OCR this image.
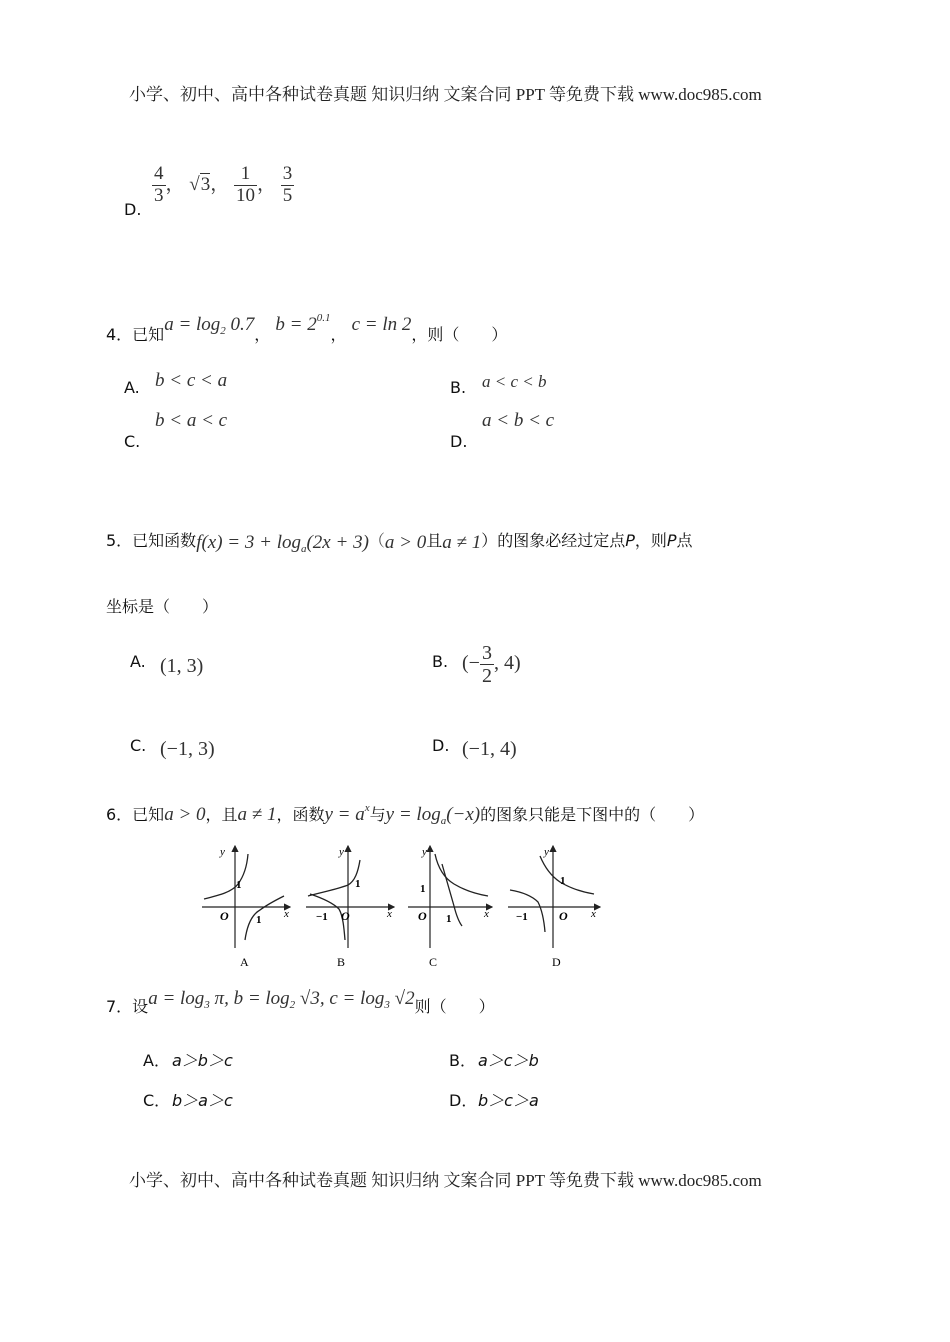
小学、初中、高中各种试卷真题 知识归纳 文案合同 PPT 等免费下载 www.doc985.com
D.
$\frac{4}{3}$ ， √3， $\frac{1}{10}$ ， $\frac{3}{5}$
4．已知$a = \log_2 0.7$， $b = 2^{0.1}$， c = ln 2，则（　　）
A. b < c < a	B. a < c < b
C.
b < a < c
D.
a < b < c
5．已知函数$f(x) = 3 + \log_a(2x + 3)(a > 0$且a ≠ 1）的图象必经过定点P，则P点
坐标是（　　）
A. (1, 3)	B. (− $\frac{3}{2}$ , 4)
C. (−1, 3)	D. (−1, 4)
6．已知a > 0，且a ≠ 1，函数$y = a^x$与$y = \log_a(-x)$的图象只能是下图中的（　　）
y
x
O
1
1
A
y
x
O
1
−1
B
y
x
O
1
1
C
y
x
O
1
−1
D
7．设$a = \log_3 \pi$, $b = \log_2 √3$, $c = \log_3 √2$则（　　）
A． a＞b＞c	B． a＞c＞b
C． b＞a＞c	D． b＞c＞a
小学、初中、高中各种试卷真题 知识归纳 文案合同 PPT 等免费下载 www.doc985.com
